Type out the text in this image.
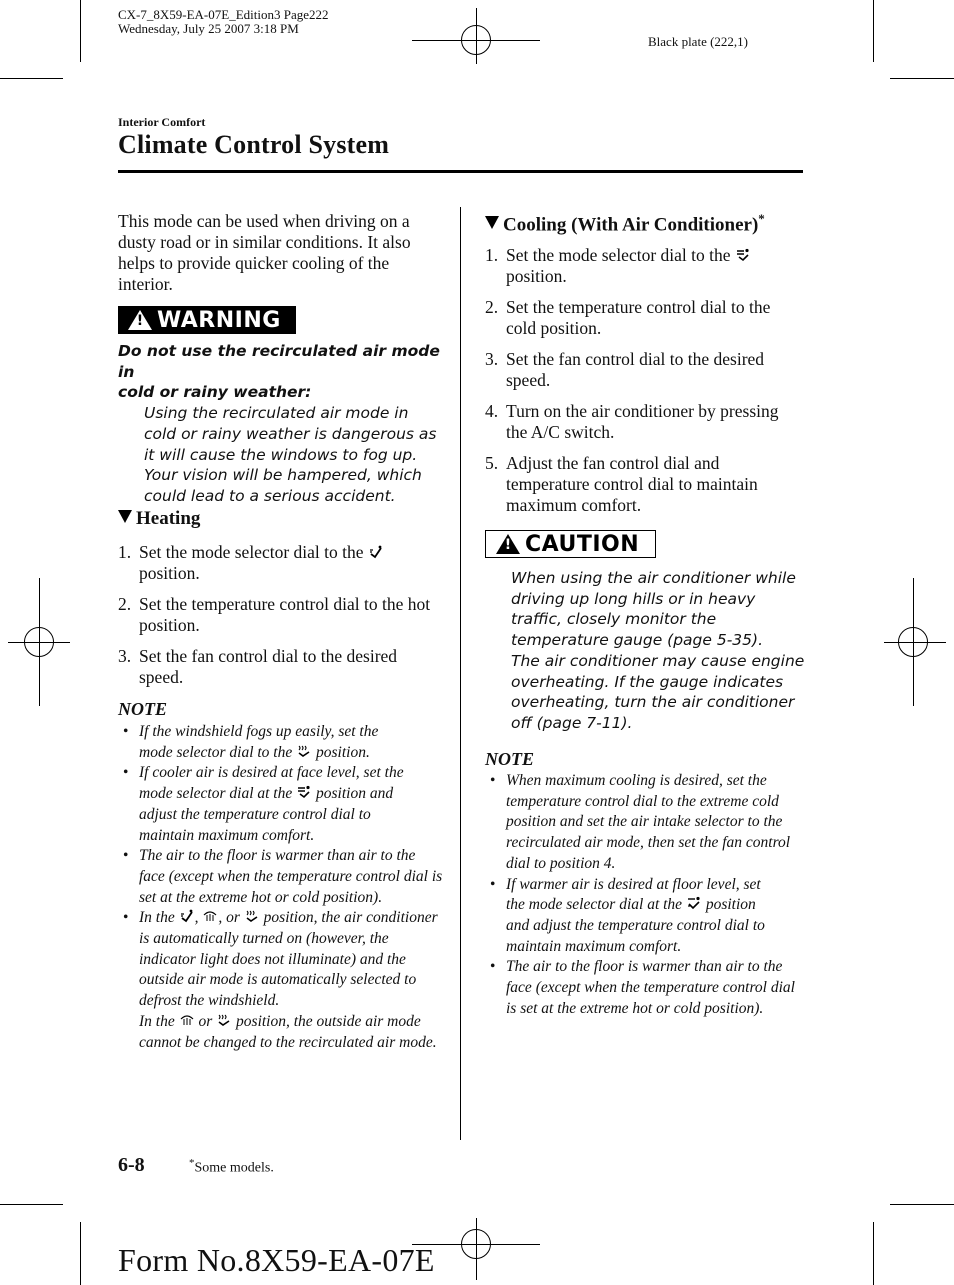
CX-7_8X59-EA-07E_Edition3 Page222
Wednesday, July 25 2007 3:18 PM
Black plate (222,1)
Interior Comfort
Climate Control System
This mode can be used when driving on a dusty road or in similar conditions. It also helps to provide quicker cooling of the interior.
! WARNING
Do not use the recirculated air mode in
cold or rainy weather:
Using the recirculated air mode in
cold or rainy weather is dangerous as
it will cause the windows to fog up.
Your vision will be hampered, which
could lead to a serious accident.
Heating
1. Set the mode selector dial to the
position.
2. Set the temperature control dial to the hot position.
3. Set the fan control dial to the desired speed.
NOTE
• If the windshield fogs up easily, set the
mode selector dial to the position.
• If cooler air is desired at face level, set the
mode selector dial at the position and
adjust the temperature control dial to
maintain maximum comfort.
• The air to the floor is warmer than air to the face (except when the temperature control dial is set at the extreme hot or cold position).
• In the , , or position, the air conditioner is automatically turned on (however, the indicator light does not illuminate) and the outside air mode is automatically selected to defrost the windshield.
In the or position, the outside air mode cannot be changed to the recirculated air mode.
Cooling (With Air Conditioner)*
1. Set the mode selector dial to the
position.
2. Set the temperature control dial to the cold position.
3. Set the fan control dial to the desired speed.
4. Turn on the air conditioner by pressing the A/C switch.
5. Adjust the fan control dial and temperature control dial to maintain maximum comfort.
! CAUTION
When using the air conditioner while
driving up long hills or in heavy
traffic, closely monitor the
temperature gauge (page 5-35).
The air conditioner may cause engine
overheating. If the gauge indicates
overheating, turn the air conditioner
off (page 7-11).
NOTE
• When maximum cooling is desired, set the temperature control dial to the extreme cold position and set the air intake selector to the recirculated air mode, then set the fan control dial to position 4.
• If warmer air is desired at floor level, set
the mode selector dial at the position
and adjust the temperature control dial to maintain maximum comfort.
• The air to the floor is warmer than air to the face (except when the temperature control dial is set at the extreme hot or cold position).
6-8	*Some models.
Form No.8X59-EA-07E
